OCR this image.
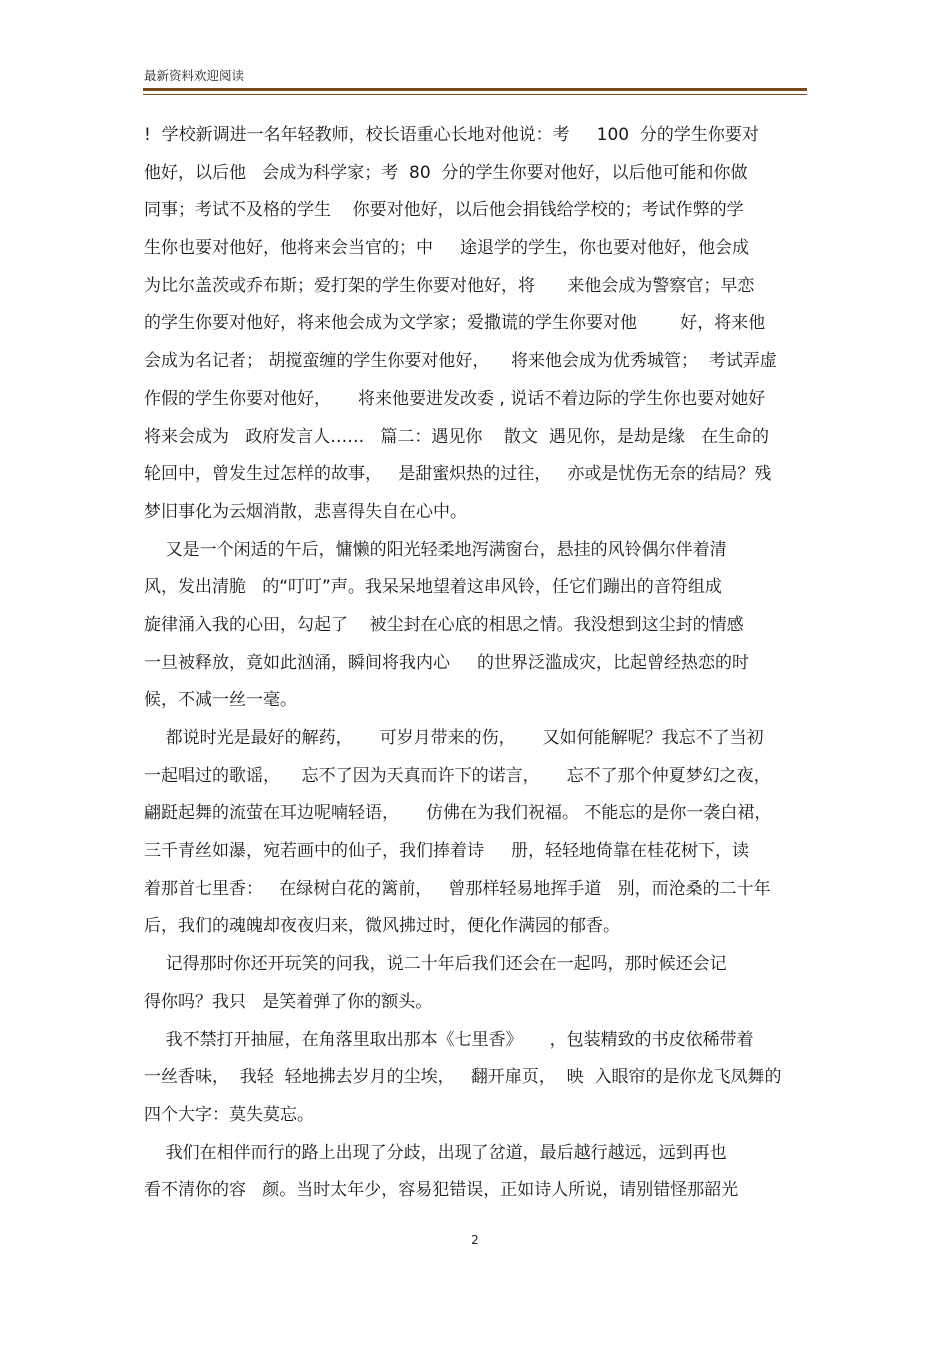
最新资料欢迎阅读
!  学校新调进一名年轻教师，校长语重心长地对他说：考     100  分的学生你要对
他好，以后他   会成为科学家；考  80  分的学生你要对他好，以后他可能和你做
同事；考试不及格的学生    你要对他好，以后他会捐钱给学校的；考试作弊的学
生你也要对他好，他将来会当官的；中     途退学的学生，你也要对他好，他会成
为比尔盖茨或乔布斯；爱打架的学生你要对他好，将      来他会成为警察官；早恋
的学生你要对他好，将来他会成为文学家；爱撒谎的学生你要对他        好，将来他
会成为名记者； 胡搅蛮缠的学生你要对他好，    将来他会成为优秀城管；  考试弄虚
作假的学生你要对他好，     将来他要进发改委 , 说话不着边际的学生你也要对她好
将来会成为   政府发言人……   篇二：遇见你    散文  遇见你，是劫是缘   在生命的
轮回中，曾发生过怎样的故事，   是甜蜜炽热的过往，   亦或是忧伤无奈的结局？残
梦旧事化为云烟消散，悲喜得失自在心中。
又是一个闲适的午后，慵懒的阳光轻柔地泻满窗台，悬挂的风铃偶尔伴着清
风，发出清脆   的“叮叮”声。我呆呆地望着这串风铃，任它们蹦出的音符组成
旋律涌入我的心田，勾起了    被尘封在心底的相思之情。我没想到这尘封的情感
一旦被释放，竟如此汹涌，瞬间将我内心     的世界泛滥成灾，比起曾经热恋的时
候，不减一丝一毫。
都说时光是最好的解药，     可岁月带来的伤，     又如何能解呢？我忘不了当初
一起唱过的歌谣，    忘不了因为天真而许下的诺言，     忘不了那个仲夏梦幻之夜，
翩跹起舞的流萤在耳边呢喃轻语，     仿佛在为我们祝福。 不能忘的是你一袭白裙，
三千青丝如瀑，宛若画中的仙子，我们捧着诗     册，轻轻地倚靠在桂花树下，读
着那首七里香：   在绿树白花的篱前，   曾那样轻易地挥手道   别，而沧桑的二十年
后，我们的魂魄却夜夜归来，微风拂过时，便化作满园的郁香。
记得那时你还开玩笑的问我，说二十年后我们还会在一起吗，那时候还会记
得你吗？我只   是笑着弹了你的额头。
我不禁打开抽屉，在角落里取出那本《七里香》     ，包装精致的书皮依稀带着
一丝香味，  我轻  轻地拂去岁月的尘埃，   翻开扉页，  映  入眼帘的是你龙飞凤舞的
四个大字：莫失莫忘。
我们在相伴而行的路上出现了分歧，出现了岔道，最后越行越远，远到再也
看不清你的容   颜。当时太年少，容易犯错误，正如诗人所说，请别错怪那韶光
2
